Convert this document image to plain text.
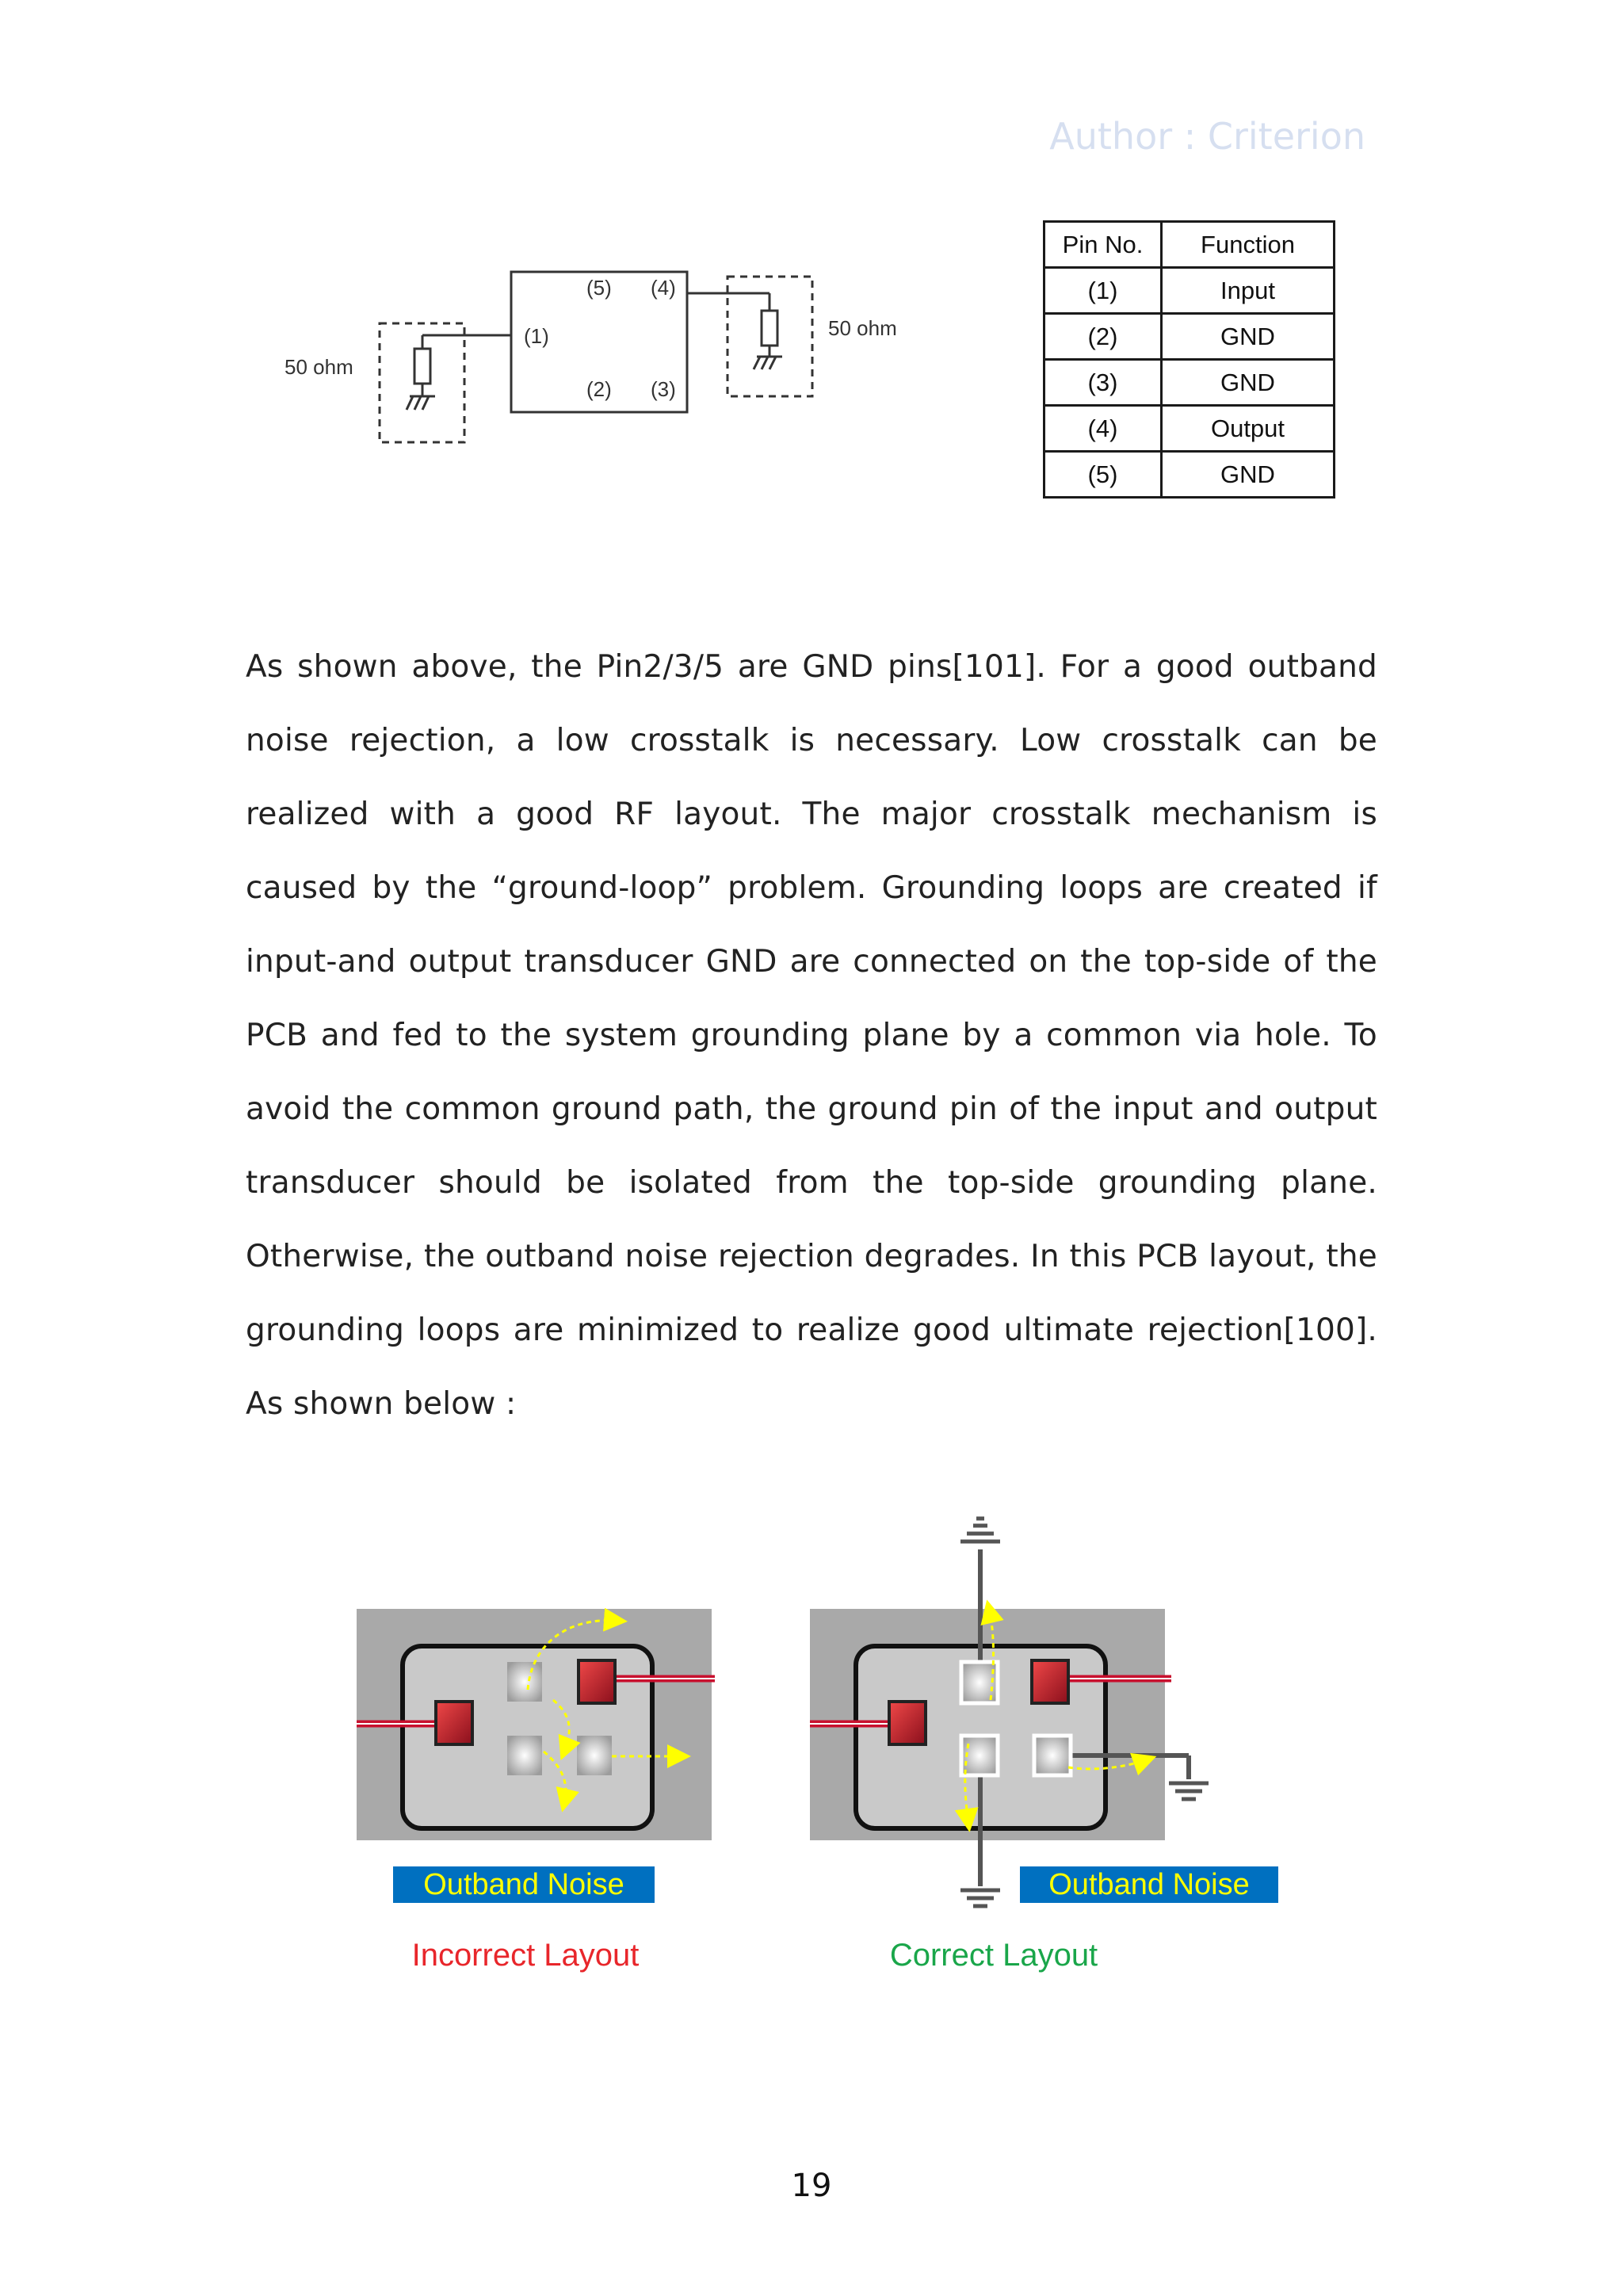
Author : Criterion
50 ohm
50 ohm
(1)
(2) (3)
(4)
(5)
Pin No.	Function
(1)	Input
(2)	GND
(3)	GND
(4)	Output
(5)	GND

As shown above, the Pin2/3/5 are GND pins[101]. For a good outband noise rejection, a low crosstalk is necessary. Low crosstalk can be realized with a good RF layout. The major crosstalk mechanism is caused by the “ground-loop” problem. Grounding loops are created if input-and output transducer GND are connected on the top-side of the PCB and fed to the system grounding plane by a common via hole. To avoid the common ground path, the ground pin of the input and output transducer should be isolated from the top-side grounding plane. Otherwise, the outband noise rejection degrades. In this PCB layout, the grounding loops are minimized to realize good ultimate rejection[100]. As shown below :

Outband Noise
Incorrect Layout
Outband Noise
Correct Layout
19
